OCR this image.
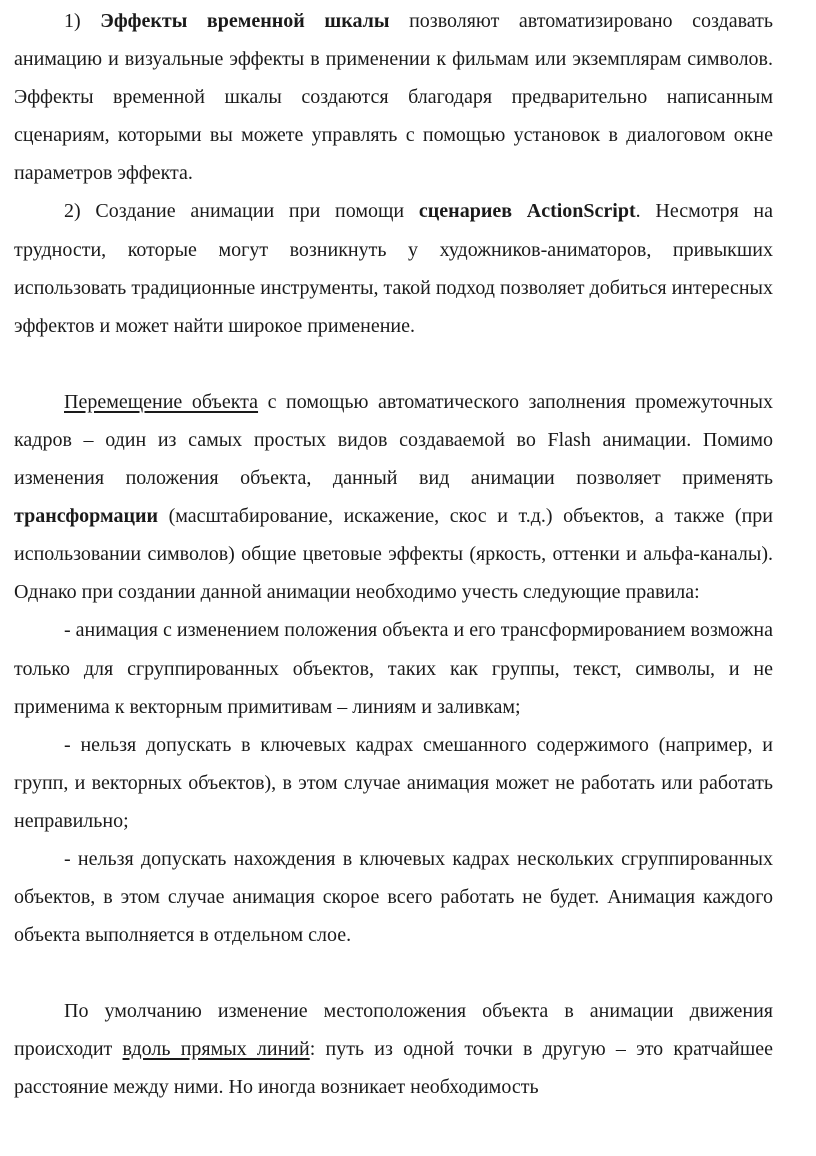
1) Эффекты временной шкалы позволяют автоматизировано создавать анимацию и визуальные эффекты в применении к фильмам или экземплярам символов. Эффекты временной шкалы создаются благодаря предварительно написанным сценариям, которыми вы можете управлять с помощью установок в диалоговом окне параметров эффекта.

2) Создание анимации при помощи сценариев ActionScript. Несмотря на трудности, которые могут возникнуть у художников-аниматоров, привыкших использовать традиционные инструменты, такой подход позволяет добиться интересных эффектов и может найти широкое применение.

Перемещение объекта с помощью автоматического заполнения промежуточных кадров – один из самых простых видов создаваемой во Flash анимации. Помимо изменения положения объекта, данный вид анимации позволяет применять трансформации (масштабирование, искажение, скос и т.д.) объектов, а также (при использовании символов) общие цветовые эффекты (яркость, оттенки и альфа-каналы). Однако при создании данной анимации необходимо учесть следующие правила:

- анимация с изменением положения объекта и его трансформированием возможна только для сгруппированных объектов, таких как группы, текст, символы, и не применима к векторным примитивам – линиям и заливкам;

- нельзя допускать в ключевых кадрах смешанного содержимого (например, и групп, и векторных объектов), в этом случае анимация может не работать или работать неправильно;

- нельзя допускать нахождения в ключевых кадрах нескольких сгруппированных объектов, в этом случае анимация скорое всего работать не будет. Анимация каждого объекта выполняется в отдельном слое.

По умолчанию изменение местоположения объекта в анимации движения происходит вдоль прямых линий: путь из одной точки в другую – это кратчайшее расстояние между ними. Но иногда возникает необходимость
